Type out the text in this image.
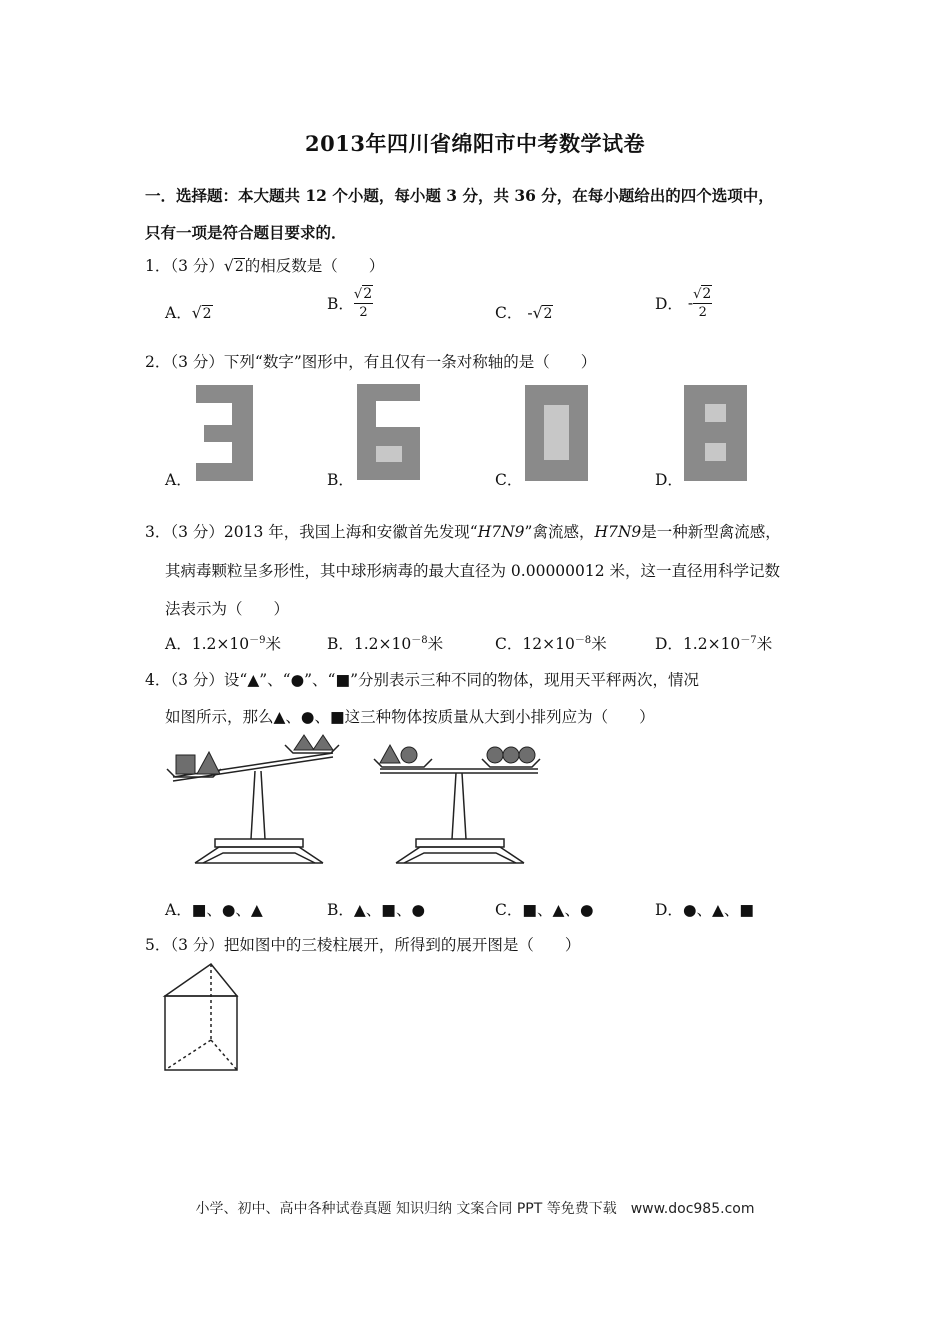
2013年四川省绵阳市中考数学试卷
一．选择题：本大题共 12 个小题，每小题 3 分，共 36 分，在每小题给出的四个选项中，
只有一项是符合题目要求的．
1．（3 分）√2的相反数是（　　）
A．√2
B． $\frac{√2}{2}$	C． -√2
D． - $\frac{√2}{2}$
2．（3 分）下列“数字”图形中，有且仅有一条对称轴的是（　　）
A．	B．	C．	D．
3．（3 分）2013 年，我国上海和安徽首先发现“H7N9”禽流感，H7N9是一种新型禽流感，
其病毒颗粒呈多形性，其中球形病毒的最大直径为 0.00000012 米，这一直径用科学记数
法表示为（　　）
A．$1.2\times 10^{-9}$米	B．$1.2\times 10^{-8}$米	C．$12\times 10^{-8}$米	D．$1.2\times 10^{-7}$米
4．（3 分）设“▲”、“●”、“■”分别表示三种不同的物体，现用天平秤两次，情况
如图所示，那么▲、●、■这三种物体按质量从大到小排列应为（　　）
A．■、●、▲	B．▲、■、●	C．■、▲、●	D．●、▲、■
5．（3 分）把如图中的三棱柱展开，所得到的展开图是（　　）
小学、初中、高中各种试卷真题 知识归纳 文案合同 PPT 等免费下载　www.doc985.com
